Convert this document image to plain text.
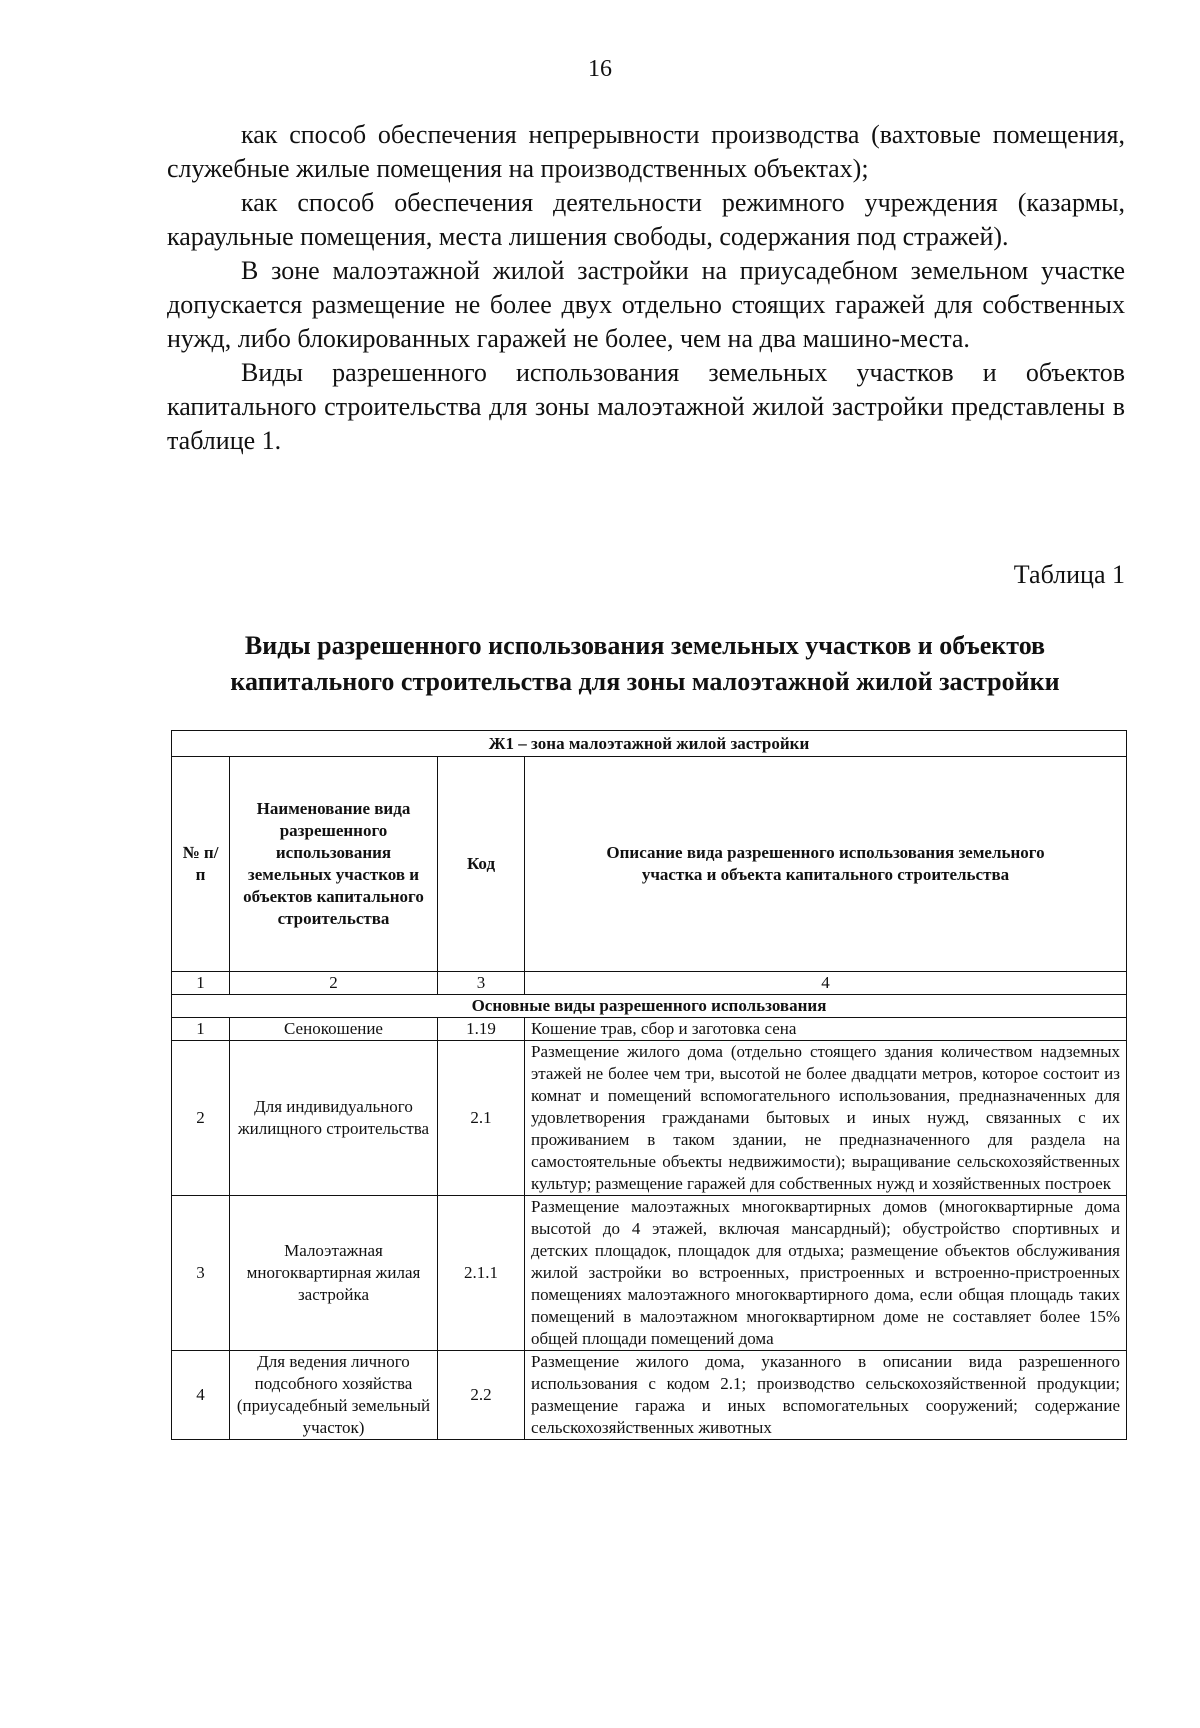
16

как способ обеспечения непрерывности производства (вахтовые помещения, служебные жилые помещения на производственных объектах);

как способ обеспечения деятельности режимного учреждения (казармы, караульные помещения, места лишения свободы, содержания под стражей).

В зоне малоэтажной жилой застройки на приусадебном земельном участке допускается размещение не более двух отдельно стоящих гаражей для собственных нужд, либо блокированных гаражей не более, чем на два машино-места.

Виды разрешенного использования земельных участков и объектов капитального строительства для зоны малоэтажной жилой застройки представлены в таблице 1.

Таблица 1
Виды разрешенного использования земельных участков и объектов
капитального строительства для зоны малоэтажной жилой застройки
Ж1 – зона малоэтажной жилой застройки			
№ п/п	Наименование вида разрешенного использования земельных участков и объектов капитального строительства	Код	Описание вида разрешенного использования земельного участка и объекта капитального строительства
1	2	3	4
Основные виды разрешенного использования			
1	Сенокошение	1.19	Кошение трав, сбор и заготовка сена
2	Для индивидуального жилищного строительства	2.1	Размещение жилого дома (отдельно стоящего здания количеством надземных этажей не более чем три, высотой не более двадцати метров, которое состоит из комнат и помещений вспомогательного использования, предназначенных для удовлетворения гражданами бытовых и иных нужд, связанных с их проживанием в таком здании, не предназначенного для раздела на самостоятельные объекты недвижимости); выращивание сельскохозяйственных культур; размещение гаражей для собственных нужд и хозяйственных построек
3	Малоэтажная многоквартирная жилая застройка	2.1.1	Размещение малоэтажных многоквартирных домов (многоквартирные дома высотой до 4 этажей, включая мансардный); обустройство спортивных и детских площадок, площадок для отдыха; размещение объектов обслуживания жилой застройки во встроенных, пристроенных и встроенно-пристроенных помещениях малоэтажного многоквартирного дома, если общая площадь таких помещений в малоэтажном многоквартирном доме не составляет более 15% общей площади помещений дома
4	Для ведения личного подсобного хозяйства (приусадебный земельный участок)	2.2	Размещение жилого дома, указанного в описании вида разрешенного использования с кодом 2.1; производство сельскохозяйственной продукции; размещение гаража и иных вспомогательных сооружений; содержание сельскохозяйственных животных
